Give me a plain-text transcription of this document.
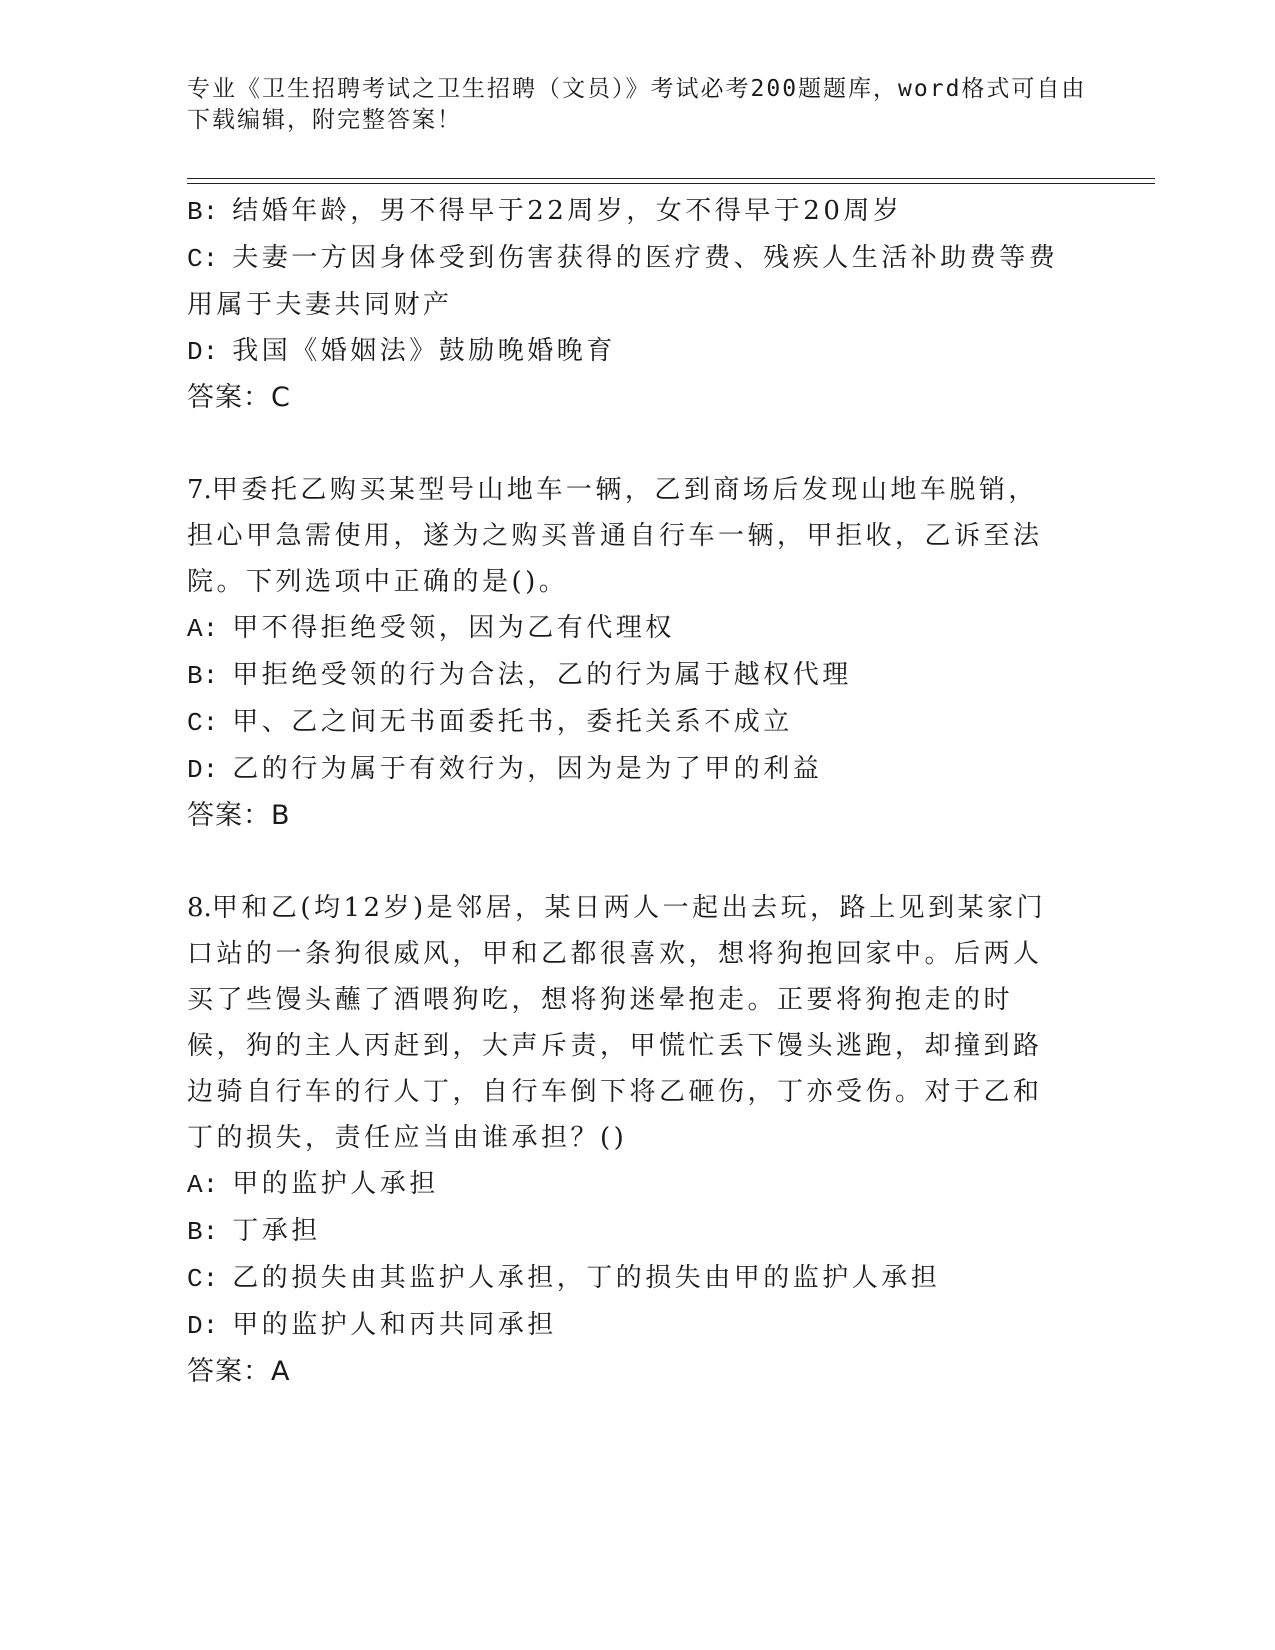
专业《卫生招聘考试之卫生招聘（文员）》考试必考200题题库，word格式可自由下载编辑，附完整答案！
B: 结婚年龄，男不得早于22周岁，女不得早于20周岁
C: 夫妻一方因身体受到伤害获得的医疗费、残疾人生活补助费等费用属于夫妻共同财产
D: 我国《婚姻法》鼓励晚婚晚育
答案：C
7.甲委托乙购买某型号山地车一辆，乙到商场后发现山地车脱销，担心甲急需使用，遂为之购买普通自行车一辆，甲拒收，乙诉至法院。下列选项中正确的是()。
A: 甲不得拒绝受领，因为乙有代理权
B: 甲拒绝受领的行为合法，乙的行为属于越权代理
C: 甲、乙之间无书面委托书，委托关系不成立
D: 乙的行为属于有效行为，因为是为了甲的利益
答案：B
8.甲和乙(均12岁)是邻居，某日两人一起出去玩，路上见到某家门口站的一条狗很威风，甲和乙都很喜欢，想将狗抱回家中。后两人买了些馒头蘸了酒喂狗吃，想将狗迷晕抱走。正要将狗抱走的时候，狗的主人丙赶到，大声斥责，甲慌忙丢下馒头逃跑，却撞到路边骑自行车的行人丁，自行车倒下将乙砸伤，丁亦受伤。对于乙和丁的损失，责任应当由谁承担？()
A: 甲的监护人承担
B: 丁承担
C: 乙的损失由其监护人承担，丁的损失由甲的监护人承担
D: 甲的监护人和丙共同承担
答案：A
